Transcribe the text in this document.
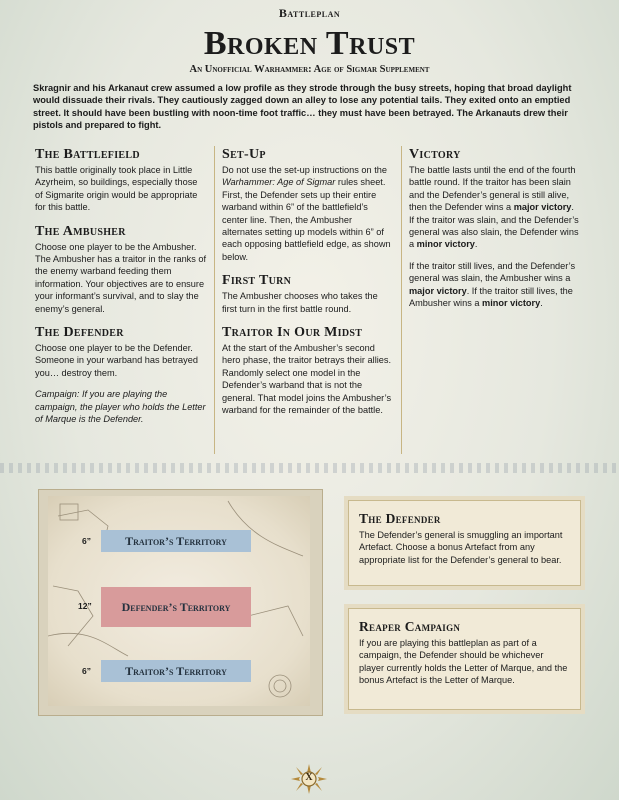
Battleplan
Broken Trust
An Unofficial Warhammer: Age of Sigmar Supplement
Skragnir and his Arkanaut crew assumed a low profile as they strode through the busy streets, hoping that broad daylight would dissuade their rivals. They cautiously zagged down an alley to lose any potential tails. They exited onto an emptied street. It should have been bustling with noon-time foot traffic… they must have been betrayed. The Arkanauts drew their pistols and prepared to fight.
The Battlefield

This battle originally took place in Little Azyrheim, so buildings, especially those of Sigmarite origin would be appropriate for this battle.

The Ambusher

Choose one player to be the Ambusher. The Ambusher has a traitor in the ranks of the enemy warband feeding them information. Your objectives are to ensure your informant’s survival, and to slay the enemy’s general.

The Defender

Choose one player to be the Defender. Someone in your warband has betrayed you… destroy them.

Campaign: If you are playing the campaign, the player who holds the Letter of Marque is the Defender.

Set-Up

Do not use the set-up instructions on the Warhammer: Age of Sigmar rules sheet. First, the Defender sets up their entire warband within 6” of the battlefield’s center line. Then, the Ambusher alternates setting up models within 6” of each opposing battlefield edge, as shown below.

First Turn

The Ambusher chooses who takes the first turn in the first battle round.

Traitor In Our Midst

At the start of the Ambusher’s second hero phase, the traitor betrays their allies. Randomly select one model in the Defender’s warband that is not the general. That model joins the Ambusher’s warband for the remainder of the battle.

Victory

The battle lasts until the end of the fourth battle round. If the traitor has been slain and the Defender’s general is still alive, then the Defender wins a major victory. If the traitor was slain, and the Defender’s general was also slain, the Defender wins a minor victory.

If the traitor still lives, and the Defender’s general was slain, the Ambusher wins a major victory. If the traitor still lives, the Ambusher wins a minor victory.

Traitor’s Territory
Defender’s Territory
Traitor’s Territory
6”
12”
6”
The Defender

The Defender’s general is smuggling an important Artefact. Choose a bonus Artefact from any appropriate list for the Defender’s general to bear.

Reaper Campaign

If you are playing this battleplan as part of a campaign, the Defender should be whichever player currently holds the Letter of Marque, and the bonus Artefact is the Letter of Marque.

X
